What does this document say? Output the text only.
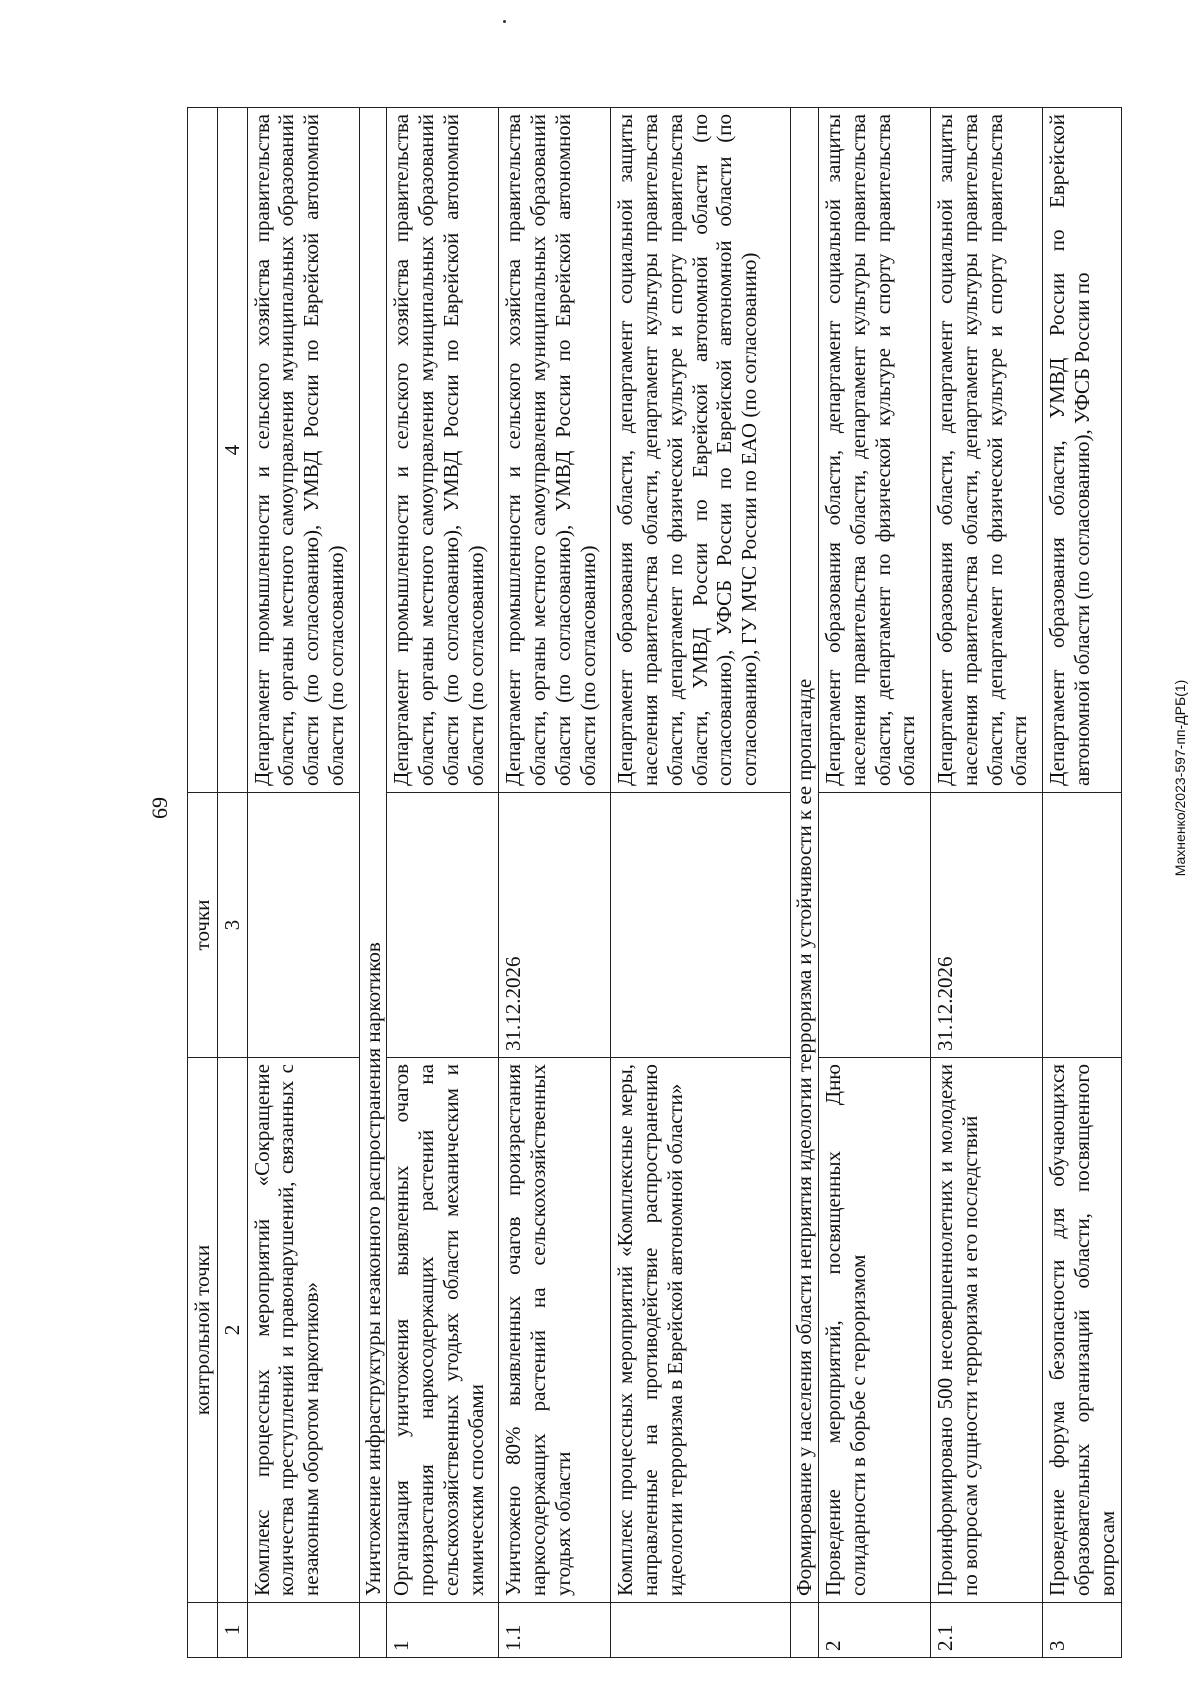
69	Махненко/2023-597-пп-ДРБ(1)
	контрольной точки	точки	
1	2	3	4
	Комплекс процессных мероприятий «Сокращение количества преступлений и правонарушений, связанных с незаконным оборотом наркотиков»		Департамент промышленности и сельского хозяйства правительства области, органы местного самоуправления муниципальных образований области (по согласованию), УМВД России по Еврейской автономной области (по согласованию)
	Уничтожение инфраструктуры незаконного распространения наркотиков		
1	Организация уничтожения выявленных очагов произрастания наркосодержащих растений на сельскохозяйственных угодьях области механическим и химическим способами		Департамент промышленности и сельского хозяйства правительства области, органы местного самоуправления муниципальных образований области (по согласованию), УМВД России по Еврейской автономной области (по согласованию)
1.1	Уничтожено 80% выявленных очагов произрастания наркосодержащих растений на сельскохозяйственных угодьях области	31.12.2026	Департамент промышленности и сельского хозяйства правительства области, органы местного самоуправления муниципальных образований области (по согласованию), УМВД России по Еврейской автономной области (по согласованию)
	Комплекс процессных мероприятий «Комплексные меры, направленные на противодействие распространению идеологии терроризма в Еврейской автономной области»		Департамент образования области, департамент социальной защиты населения правительства области, департамент культуры правительства области, департамент по физической культуре и спорту правительства области, УМВД России по Еврейской автономной области (по согласованию), УФСБ России по Еврейской автономной области (по согласованию), ГУ МЧС России по ЕАО (по согласованию)
	Формирование у населения области неприятия идеологии терроризма и устойчивости к ее пропаганде		
2	Проведение мероприятий, посвященных Дню солидарности в борьбе с терроризмом		Департамент образования области, департамент социальной защиты населения правительства области, департамент культуры правительства области, департамент по физической культуре и спорту правительства области
2.1	Проинформировано 500 несовершеннолетних и молодежи по вопросам сущности терроризма и его последствий	31.12.2026	Департамент образования области, департамент социальной защиты населения правительства области, департамент культуры правительства области, департамент по физической культуре и спорту правительства области
3	Проведение форума безопасности для обучающихся образовательных организаций области, посвященного вопросам		Департамент образования области, УМВД России по Еврейской автономной области (по согласованию), УФСБ России по
